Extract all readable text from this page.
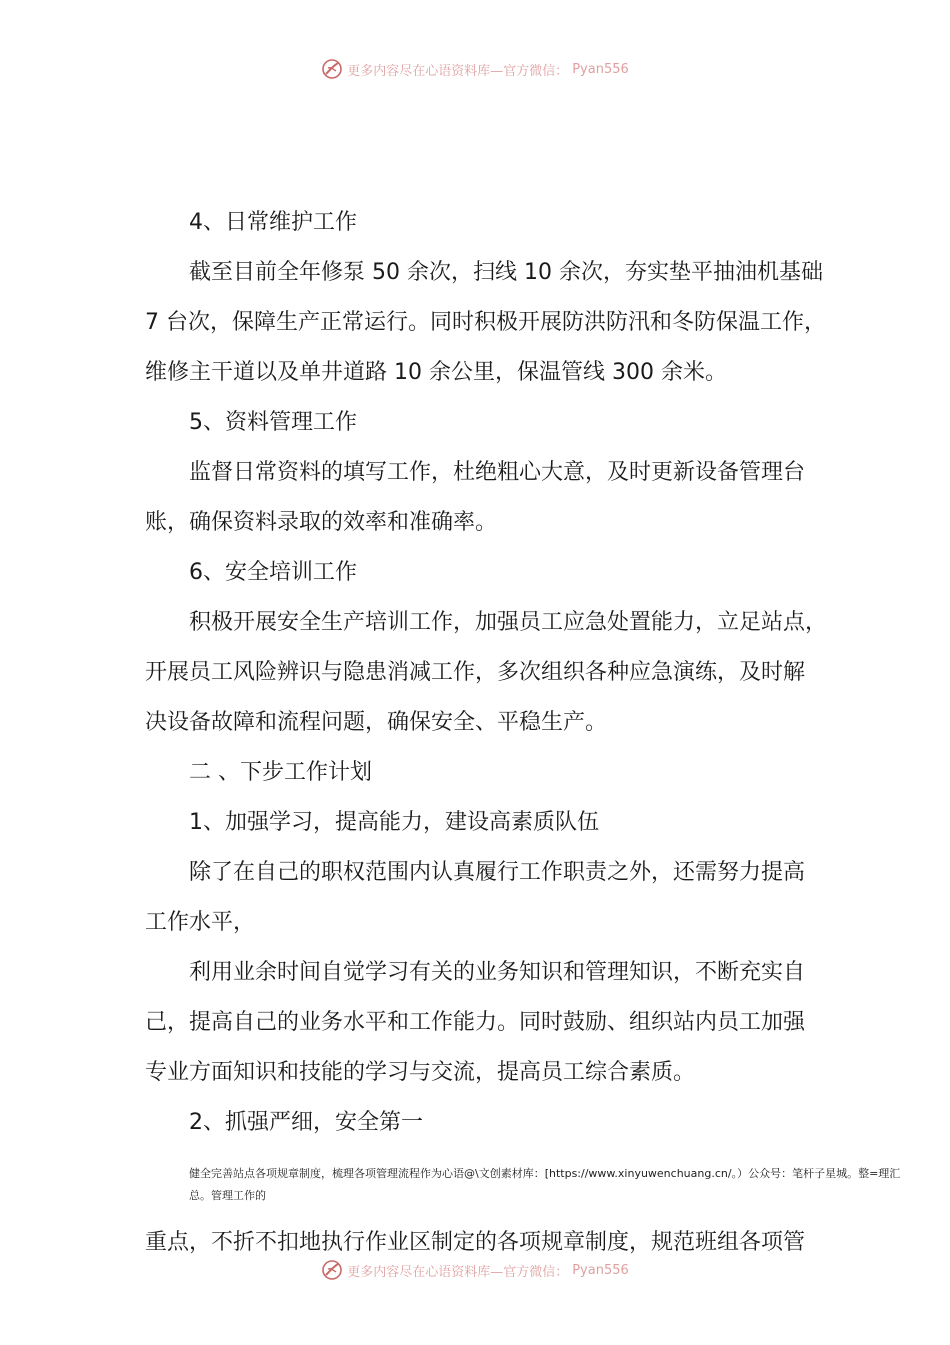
更多内容尽在心语资料库—官方微信： Pyan556
4、日常维护工作
截至目前全年修泵 50 余次，扫线 10 余次，夯实垫平抽油机基础
7 台次，保障生产正常运行。同时积极开展防洪防汛和冬防保温工作，
维修主干道以及单井道路 10 余公里，保温管线 300 余米。
5、资料管理工作
监督日常资料的填写工作，杜绝粗心大意，及时更新设备管理台
账，确保资料录取的效率和准确率。
6、安全培训工作
积极开展安全生产培训工作，加强员工应急处置能力，立足站点，
开展员工风险辨识与隐患消减工作，多次组织各种应急演练，及时解
决设备故障和流程问题，确保安全、平稳生产。
二 、下步工作计划
1、加强学习，提高能力，建设高素质队伍
除了在自己的职权范围内认真履行工作职责之外，还需努力提高
工作水平，
利用业余时间自觉学习有关的业务知识和管理知识，不断充实自
己，提高自己的业务水平和工作能力。同时鼓励、组织站内员工加强
专业方面知识和技能的学习与交流，提高员工综合素质。
2、抓强严细，安全第一
健全完善站点各项规章制度，梳理各项管理流程作为心语@\文创素材库：[https://www.xinyuwenchuang.cn/。）公众号：笔杆子星城。整=理汇
总。管理工作的
重点，不折不扣地执行作业区制定的各项规章制度，规范班组各项管
更多内容尽在心语资料库—官方微信： Pyan556
